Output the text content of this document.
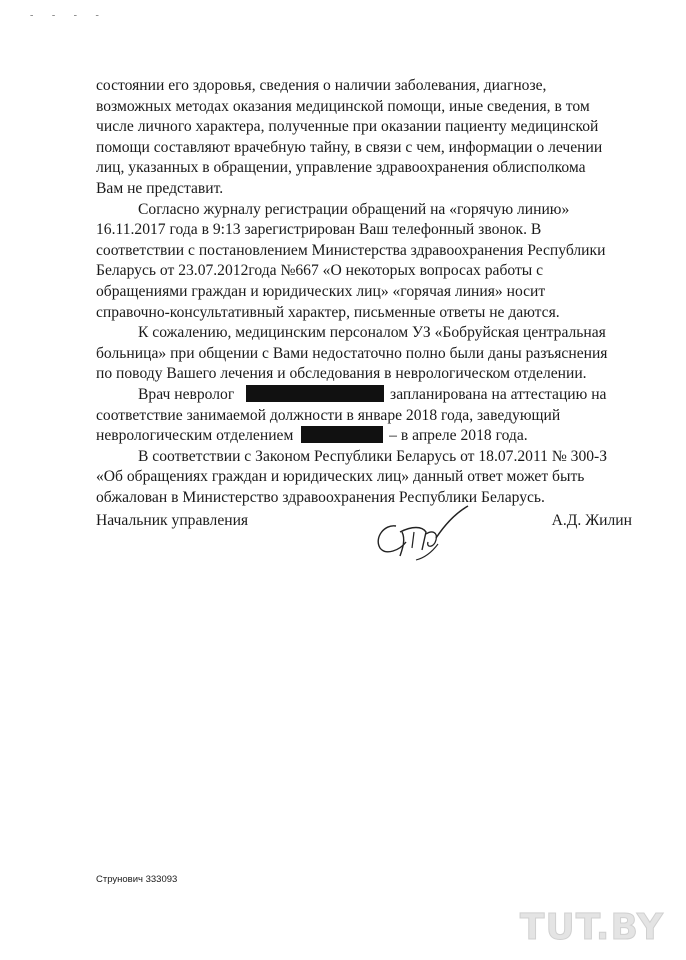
- - - -

состоянии его здоровья, сведения о наличии заболевания, диагнозе,
возможных методах оказания медицинской помощи, иные сведения, в том
числе личного характера, полученные при оказании пациенту медицинской
помощи составляют врачебную тайну, в связи с чем, информации о лечении
лиц, указанных в обращении, управление здравоохранения облисполкома
Вам не представит.

Согласно журналу регистрации обращений на «горячую линию»
16.11.2017 года в 9:13 зарегистрирован Ваш телефонный звонок. В
соответствии с постановлением Министерства здравоохранения Республики
Беларусь от 23.07.2012года №667 «О некоторых вопросах работы с
обращениями граждан и юридических лиц» «горячая линия» носит
справочно-консультативный характер, письменные ответы не даются.

К сожалению, медицинским персоналом УЗ «Бобруйская центральная
больница» при общении с Вами недостаточно полно были даны разъяснения
по поводу Вашего лечения и обследования в неврологическом отделении.

Врач невролог	запланирована на аттестацию на
соответствие занимаемой должности в январе 2018 года, заведующий
неврологическим отделением	– в апреле 2018 года.

В соответствии с Законом Республики Беларусь от 18.07.2011 № 300-З
«Об обращениях граждан и юридических лиц» данный ответ может быть
обжалован в Министерство здравоохранения Республики Беларусь.

Начальник управления	А.Д. Жилин
Струнович 333093
TUT.BY
